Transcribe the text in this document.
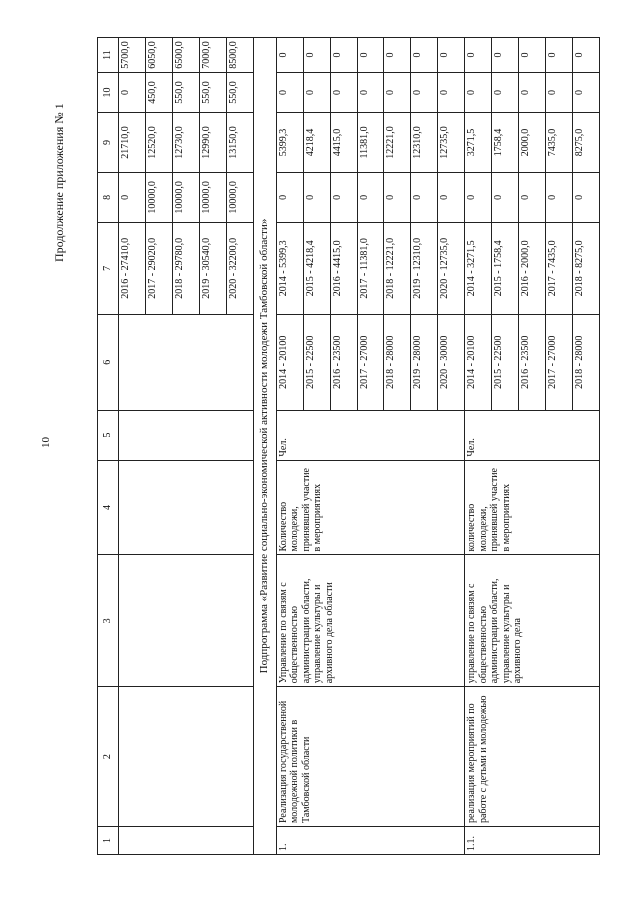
10
Продолжение приложения № 1
1	2	3	4	5	6	7	8	9	10	11
						2016 - 27410,0	0	21710,0	0	5700,0
						2017 - 29020,0	10000,0	12520,0	450,0	6050,0
						2018 - 29780,0	10000,0	12730,0	550,0	6500,0
						2019 - 30540,0	10000,0	12990,0	550,0	7000,0
						2020 - 32200,0	10000,0	13150,0	550,0	8500,0
Подпрограмма «Развитие социально-экономической активности молодежи Тамбовской области»										
1.	Реализация государственной молодежной политики в Тамбовской области	Управление по связям с общественностью администрации области, управление культуры и архивного дела области	Количество молодежи, принявшей участие в мероприятиях	Чел.	2014 - 20100	2014 - 5399,3	0	5399,3	0	0
					2015 - 22500	2015 - 4218,4	0	4218,4	0	0
					2016 - 23500	2016 - 4415,0	0	4415,0	0	0
					2017 - 27000	2017 - 11381,0	0	11381,0	0	0
					2018 - 28000	2018 - 12221,0	0	12221,0	0	0
					2019 - 28000	2019 - 12310,0	0	12310,0	0	0
					2020 - 30000	2020 - 12735,0	0	12735,0	0	0
1.1.	реализация мероприятий по работе с детьми и молодежью	управление по связям с общественностью администрации области, управление культуры и архивного дела	количество молодежи, принявшей участие в мероприятиях	Чел.	2014 - 20100	2014 - 3271,5	0	3271,5	0	0
					2015 - 22500	2015 - 1758,4	0	1758,4	0	0
					2016 - 23500	2016 - 2000,0	0	2000,0	0	0
					2017 - 27000	2017 - 7435,0	0	7435,0	0	0
					2018 - 28000	2018 - 8275,0	0	8275,0	0	0
